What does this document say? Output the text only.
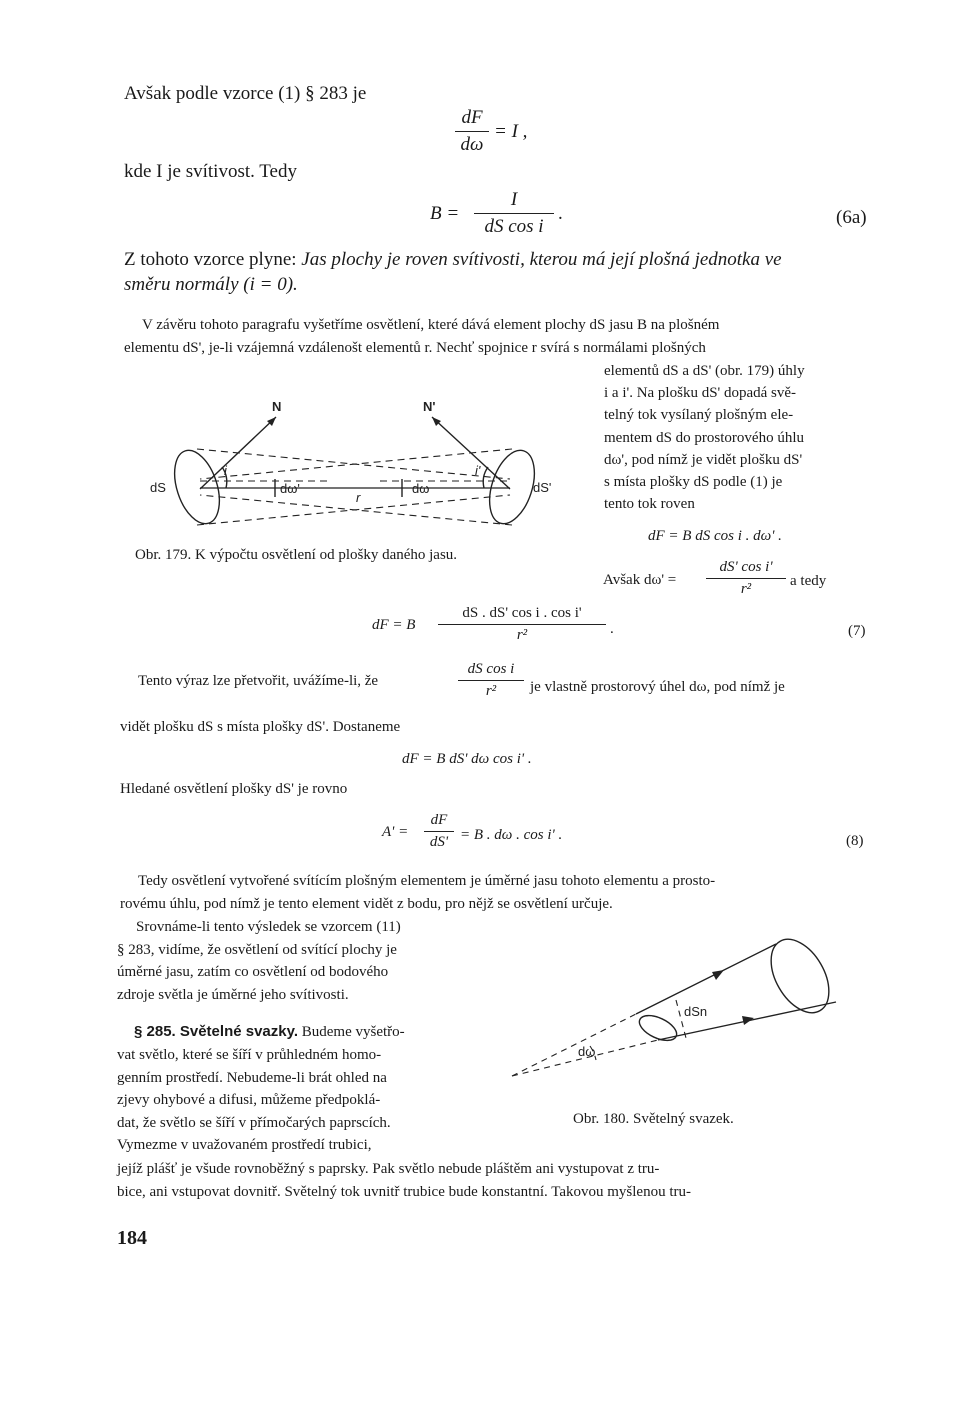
Avšak podle vzorce (1) § 283 je
dF
dω
= I ,
kde I je svítivost. Tedy
B =
I
dS cos i
.	(6a)
Z tohoto vzorce plyne: Jas plochy je roven svítivosti, kterou má její plošná jednotka ve
směru normály (i = 0).
V závěru tohoto paragrafu vyšetříme osvětlení, které dává element plochy dS jasu B na plošném
elementu dS', je-li vzájemná vzdálenošt elementů r. Nechť spojnice r svírá s normálami plošných
elementů dS a dS' (obr. 179) úhly
i a i'. Na plošku dS' dopadá svě-
telný tok vysílaný plošným ele-
mentem dS do prostorového úhlu
dω', pod nímž je vidět plošku dS'
s místa plošky dS podle (1) je
tento tok roven
N	N'
dS	dS'
i	i'
dω'	dω
r
Obr. 179. K výpočtu osvětlení od plošky daného jasu.
dF = B dS cos i . dω' .
Avšak dω' =
dS' cos i'
r²
a tedy
dF = B
dS . dS' cos i . cos i'
r²	.	(7)
Tento výraz lze přetvořit, uvážíme-li, že
dS cos i
r²	je vlastně prostorový úhel dω, pod nímž je
vidět plošku dS s místa plošky dS'. Dostaneme
dF = B dS' dω cos i' .
Hledané osvětlení plošky dS' je rovno
A' =
dF
dS' = B . dω . cos i' .	(8)
Tedy osvětlení vytvořené svítícím plošným elementem je úměrné jasu tohoto elementu a prosto-
rovému úhlu, pod nímž je tento element vidět z bodu, pro nějž se osvětlení určuje.
Srovnáme-li tento výsledek se vzorcem (11)
§ 283, vidíme, že osvětlení od svítící plochy je
úměrné jasu, zatím co osvětlení od bodového
zdroje světla je úměrné jeho svítivosti.
§ 285. Světelné svazky. Budeme vyšetřo-
vat světlo, které se šíří v průhledném homo-
genním prostředí. Nebudeme-li brát ohled na
zjevy ohybové a difusi, můžeme předpoklá-
dat, že světlo se šíří v přímočarých paprscích.
Vymezme v uvažovaném prostředí trubici,
dSn
dω
Obr. 180. Světelný svazek.
jejíž plášť je všude rovnoběžný s paprsky. Pak světlo nebude pláštěm ani vystupovat z tru-
bice, ani vstupovat dovnitř. Světelný tok uvnitř trubice bude konstantní. Takovou myšlenou tru-
184
